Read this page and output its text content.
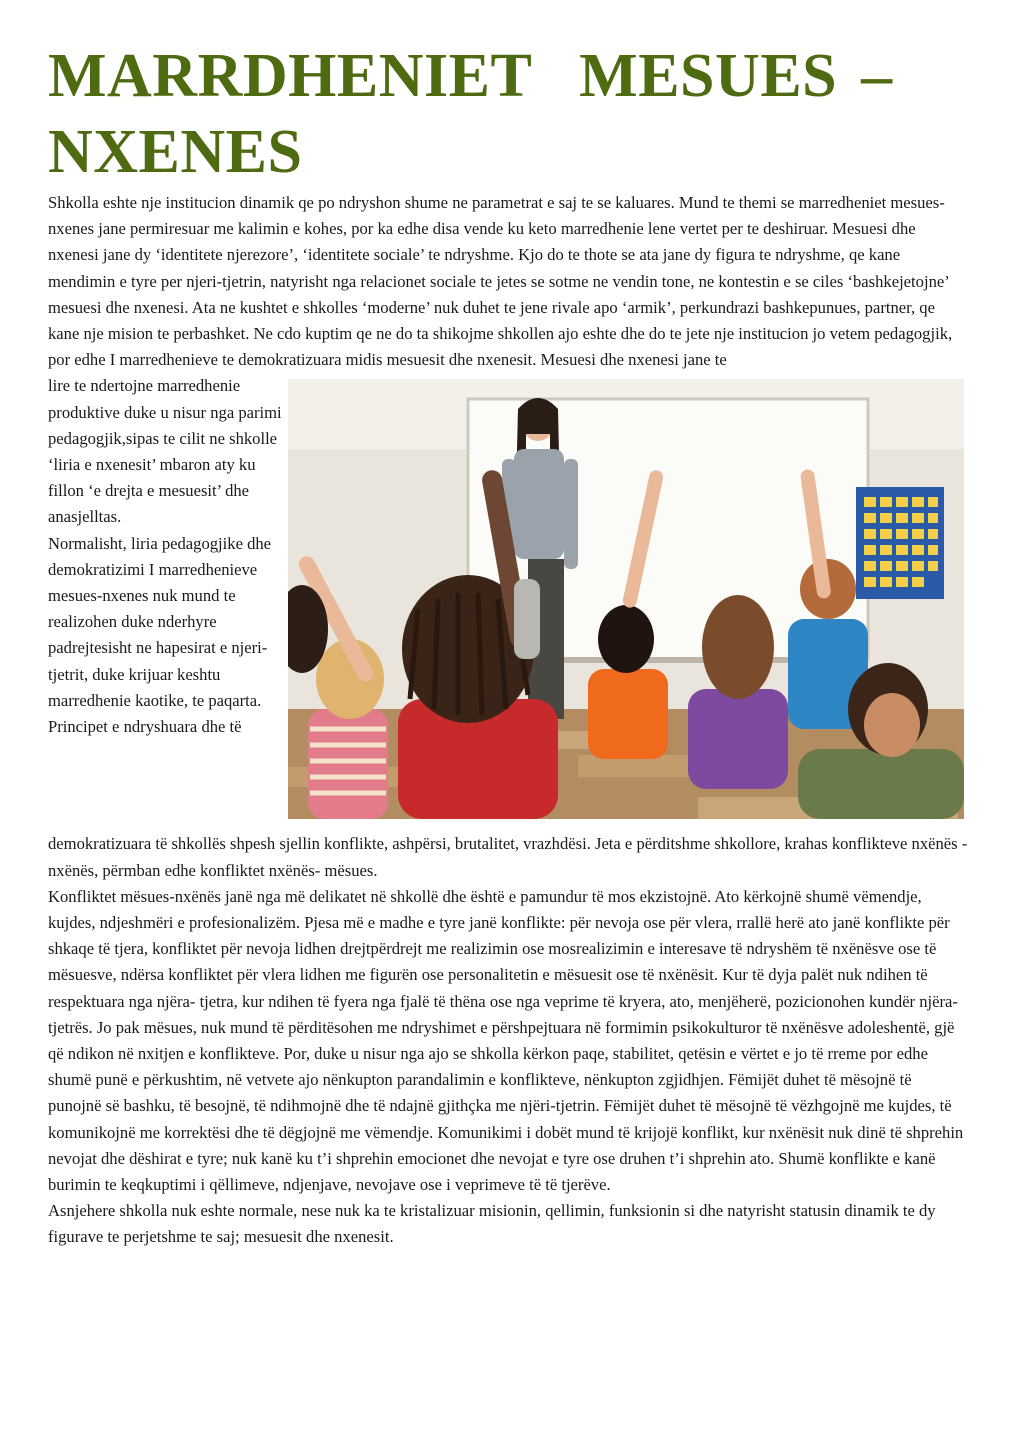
MARRDHENIET  MESUES –
NXENES

Shkolla eshte nje institucion dinamik qe po ndryshon shume ne parametrat e saj te se kaluares. Mund te themi se marredheniet mesues-nxenes jane permiresuar me kalimin e kohes, por ka edhe disa vende ku keto marredhenie lene vertet per te deshiruar. Mesuesi dhe nxenesi jane dy ‘identitete njerezore’, ‘identitete sociale’ te ndryshme. Kjo do te thote se ata jane dy figura te ndryshme, qe kane mendimin e tyre per njeri-tjetrin, natyrisht nga relacionet sociale te jetes se sotme ne vendin tone, ne kontestin e se ciles ‘bashkejetojne’ mesuesi dhe nxenesi. Ata ne kushtet e shkolles ‘moderne’ nuk duhet te jene rivale apo ‘armik’, perkundrazi bashkepunues, partner, qe kane nje mision te perbashket. Ne cdo kuptim qe ne do ta shikojme shkollen ajo eshte dhe do te jete nje institucion jo vetem pedagogjik, por edhe I marredhenieve te demokratizuara midis mesuesit dhe nxenesit. Mesuesi dhe nxenesi jane te

lire te ndertojne marredhenie produktive duke u nisur nga parimi pedagogjik,sipas te cilit ne shkolle ‘liria e nxenesit’ mbaron aty ku fillon ‘e drejta e mesuesit’ dhe anasjelltas.

Normalisht, liria pedagogjike dhe demokratizimi I marredhenieve mesues-nxenes nuk mund te realizohen duke nderhyre padrejtesisht ne hapesirat e njeri- tjetrit, duke krijuar keshtu marredhenie kaotike, te paqarta. Principet e ndryshuara dhe të

demokratizuara të shkollës shpesh sjellin konflikte, ashpërsi, brutalitet, vrazhdësi. Jeta e përditshme shkollore, krahas konflikteve nxënës - nxënës, përmban edhe konfliktet nxënës- mësues.

Konfliktet mësues-nxënës janë nga më delikatet në shkollë dhe është e pamundur të mos ekzistojnë. Ato kërkojnë shumë vëmendje, kujdes, ndjeshmëri e profesionalizëm. Pjesa më e madhe e tyre janë konflikte: për nevoja ose për vlera, rrallë herë ato janë konflikte për shkaqe të tjera, konfliktet për nevoja lidhen drejtpërdrejt me realizimin ose mosrealizimin e interesave të ndryshëm të nxënësve ose të mësuesve, ndërsa konfliktet për vlera lidhen me figurën ose personalitetin e mësuesit ose të nxënësit. Kur të dyja palët nuk ndihen të respektuara nga njëra- tjetra, kur ndihen të fyera nga fjalë të thëna ose nga veprime të kryera, ato, menjëherë, pozicionohen kundër njëra-tjetrës. Jo pak mësues, nuk mund të përditësohen me ndryshimet e përshpejtuara në formimin psikokulturor të nxënësve adoleshentë, gjë që ndikon në nxitjen e konflikteve. Por, duke u nisur nga ajo se shkolla kërkon paqe, stabilitet, qetësin e vërtet e jo të rreme por edhe shumë punë e përkushtim, në vetvete ajo nënkupton parandalimin e konflikteve, nënkupton zgjidhjen. Fëmijët duhet të mësojnë të punojnë së bashku, të besojnë, të ndihmojnë dhe të ndajnë gjithçka me njëri-tjetrin. Fëmijët duhet të mësojnë të vëzhgojnë me kujdes, të komunikojnë me korrektësi dhe të dëgjojnë me vëmendje. Komunikimi i dobët mund të krijojë konflikt, kur nxënësit nuk dinë të shprehin nevojat dhe dëshirat e tyre; nuk kanë ku t’i shprehin emocionet dhe nevojat e tyre ose druhen t’i shprehin ato. Shumë konflikte e kanë burimin te keqkuptimi i qëllimeve, ndjenjave, nevojave ose i veprimeve të të tjerëve.

Asnjehere shkolla nuk eshte normale, nese nuk ka te kristalizuar misionin, qellimin, funksionin si dhe natyrisht statusin dinamik te dy figurave te perjetshme te saj; mesuesit dhe nxenesit.
